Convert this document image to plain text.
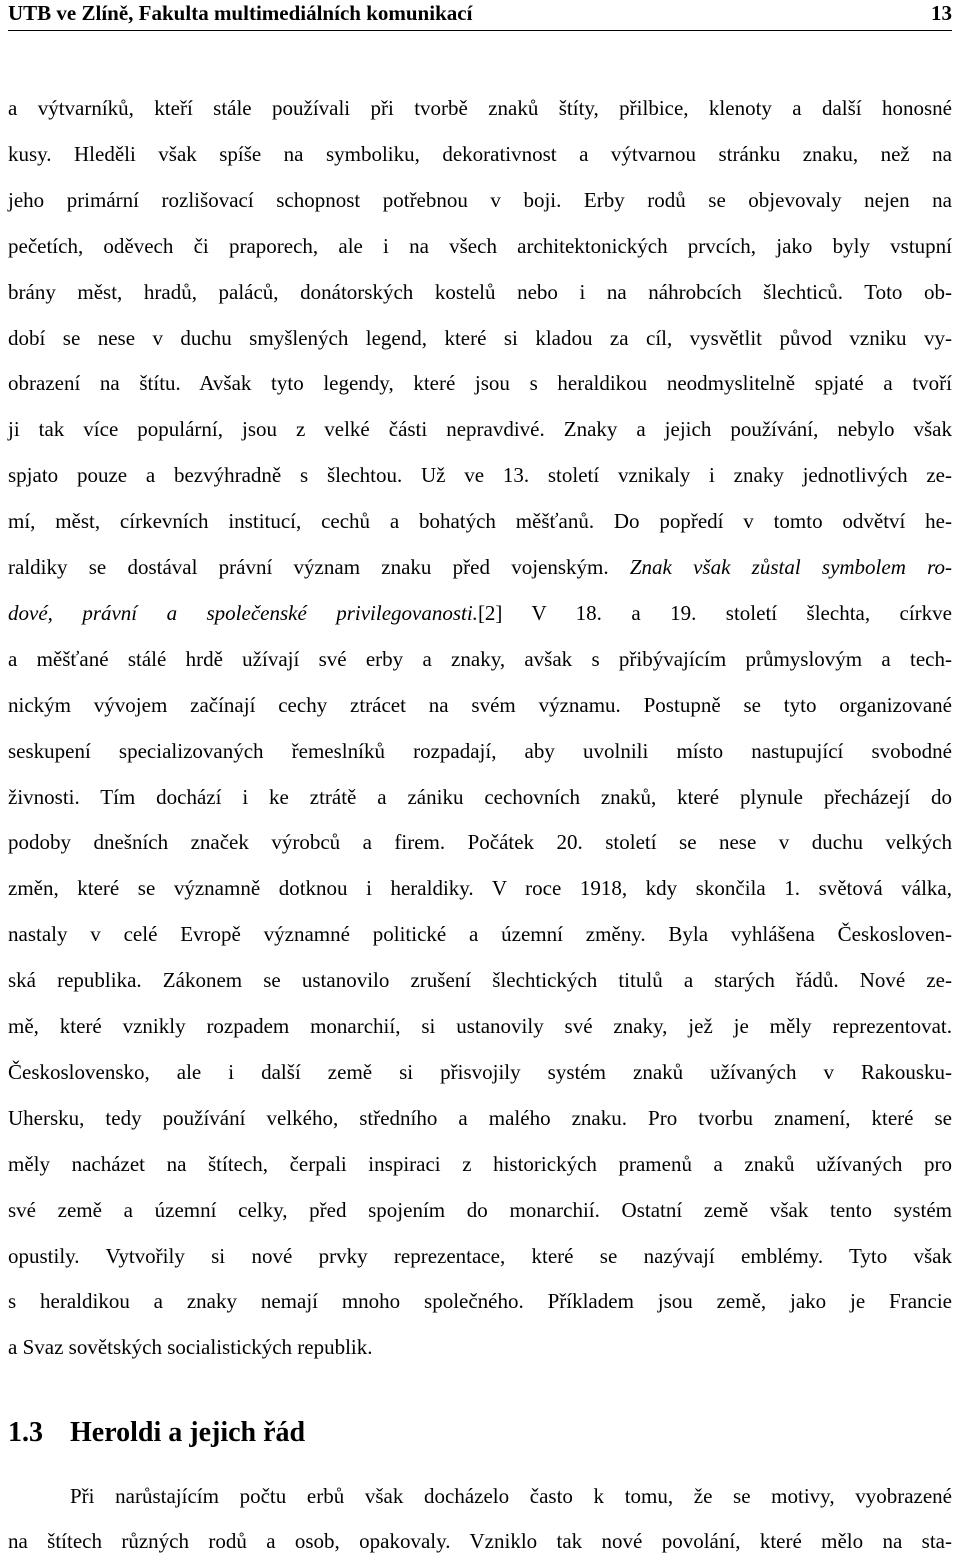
UTB ve Zlíně, Fakulta multimediálních komunikací	13
a výtvarníků, kteří stále používali při tvorbě znaků štíty, přilbice, klenoty a další honosné
kusy. Hleděli však spíše na symboliku, dekorativnost a výtvarnou stránku znaku, než na
jeho primární rozlišovací schopnost potřebnou v boji. Erby rodů se objevovaly nejen na
pečetích, oděvech či praporech, ale i na všech architektonických prvcích, jako byly vstupní
brány měst, hradů, paláců, donátorských kostelů nebo i na náhrobcích šlechticů. Toto ob-
dobí se nese v duchu smyšlených legend, které si kladou za cíl, vysvětlit původ vzniku vy-
obrazení na štítu. Avšak tyto legendy, které jsou s heraldikou neodmyslitelně spjaté a tvoří
ji tak více populární, jsou z velké části nepravdivé. Znaky a jejich používání, nebylo však
spjato pouze a bezvýhradně s šlechtou. Už ve 13. století vznikaly i znaky jednotlivých ze-
mí, měst, církevních institucí, cechů a bohatých měšťanů. Do popředí v tomto odvětví he-
raldiky se dostával právní význam znaku před vojenským. Znak však zůstal symbolem ro-
dové, právní a společenské privilegovanosti.[2] V 18. a 19. století šlechta, církve
a měšťané stálé hrdě užívají své erby a znaky, avšak s přibývajícím průmyslovým a tech-
nickým vývojem začínají cechy ztrácet na svém významu. Postupně se tyto organizované
seskupení specializovaných řemeslníků rozpadají, aby uvolnili místo nastupující svobodné
živnosti. Tím dochází i ke ztrátě a zániku cechovních znaků, které plynule přecházejí do
podoby dnešních značek výrobců a firem. Počátek 20. století se nese v duchu velkých
změn, které se významně dotknou i heraldiky. V roce 1918, kdy skončila 1. světová válka,
nastaly v celé Evropě významné politické a územní změny. Byla vyhlášena Českosloven-
ská republika. Zákonem se ustanovilo zrušení šlechtických titulů a starých řádů. Nové ze-
mě, které vznikly rozpadem monarchií, si ustanovily své znaky, jež je měly reprezentovat.
Československo, ale i další země si přisvojily systém znaků užívaných v Rakousku-
Uhersku, tedy používání velkého, středního a malého znaku. Pro tvorbu znamení, které se
měly nacházet na štítech, čerpali inspiraci z historických pramenů a znaků užívaných pro
své země a územní celky, před spojením do monarchií. Ostatní země však tento systém
opustily. Vytvořily si nové prvky reprezentace, které se nazývají emblémy. Tyto však
s heraldikou a znaky nemají mnoho společného. Příkladem jsou země, jako je Francie
a Svaz sovětských socialistických republik.
1.3 Heroldi a jejich řád
Při narůstajícím počtu erbů však docházelo často k tomu, že se motivy, vyobrazené
na štítech různých rodů a osob, opakovaly. Vzniklo tak nové povolání, které mělo na sta-
